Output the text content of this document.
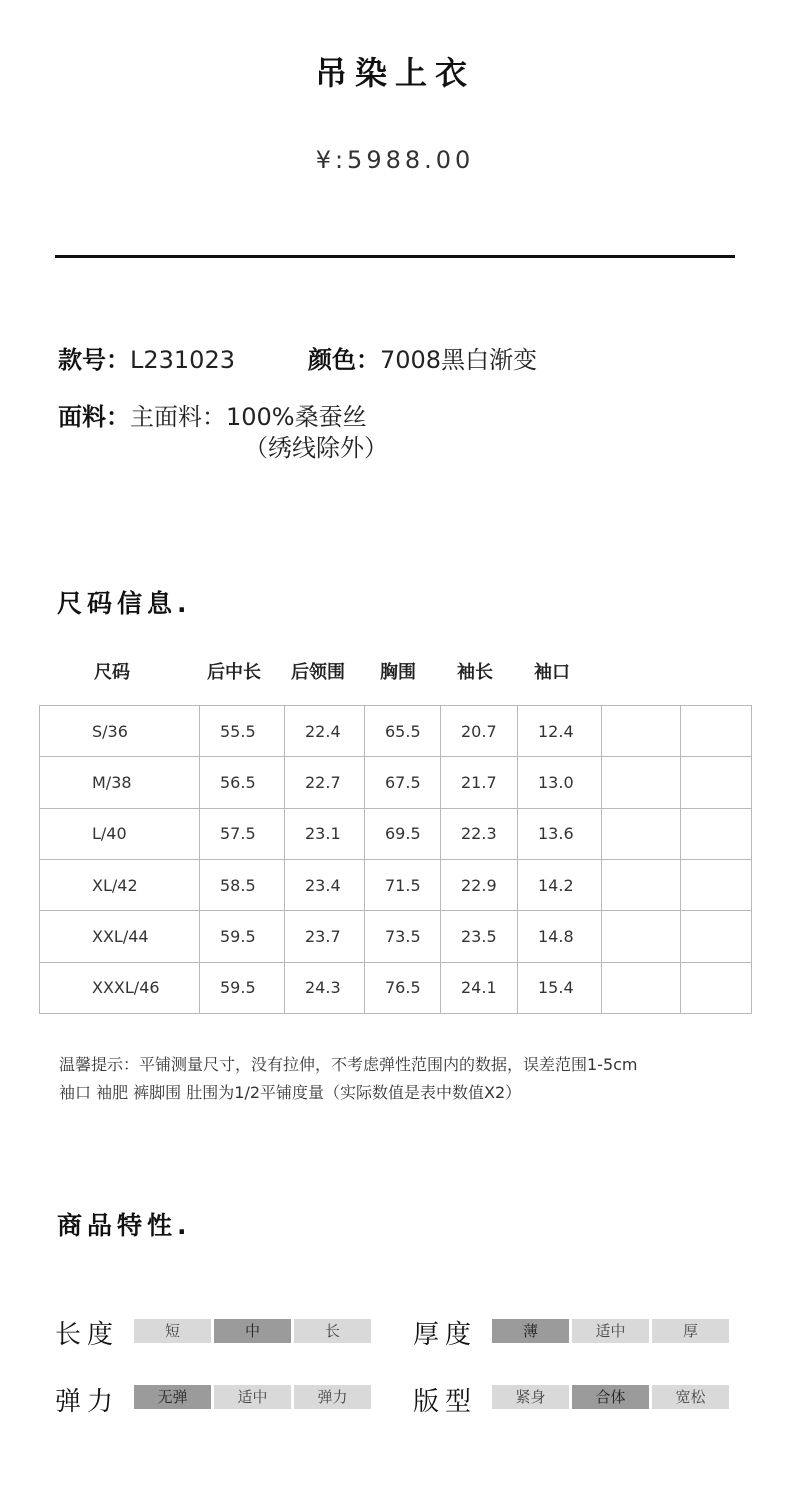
吊染上衣
¥:5988.00
款号：L231023	颜色：7008黑白渐变
面料：主面料：100%桑蚕丝
（绣线除外）
尺码信息.
尺码	后中长 后领围 胸围 袖长 袖口
S/36	55.5	22.4	65.5	20.7	12.4		
M/38	56.5	22.7	67.5	21.7	13.0		
L/40	57.5	23.1	69.5	22.3	13.6		
XL/42	58.5	23.4	71.5	22.9	14.2		
XXL/44	59.5	23.7	73.5	23.5	14.8		
XXXL/46	59.5	24.3	76.5	24.1	15.4		
温馨提示：平铺测量尺寸，没有拉伸，不考虑弹性范围内的数据，误差范围1-5cm
袖口 袖肥 裤脚围 肚围为1/2平铺度量（实际数值是表中数值X2）
商品特性.
长度	短	中	长	厚度	薄	适中	厚
弹力	无弹	适中	弹力	版型	紧身	合体	宽松
